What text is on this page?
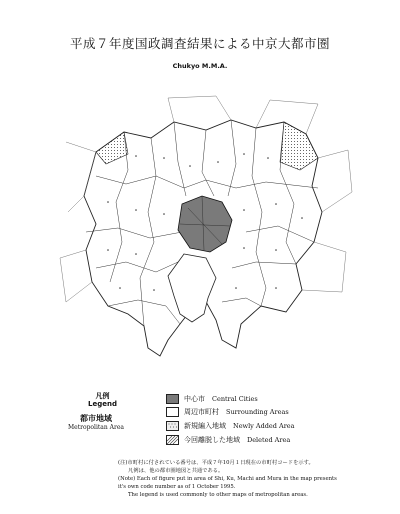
平成７年度国政調査結果による中京大都市圏
Chukyo M.M.A.
凡例
Legend
都市地域
Metropolitan Area
中心市 Central Cities
周辺市町村 Surrounding Areas
新規編入地域 Newly Added Area
今回離脱した地域 Deleted Area
(注)市町村に付されている番号は、平成７年10月１日現在の市町村コードを示す。
凡例は、他の都市圏地図と共通である。
(Note) Each of figure put in area of Shi, Ku, Machi and Mura in the map presents
it's own code number as of 1 October 1995.
The legend is used commonly to other maps of metropolitan areas.
